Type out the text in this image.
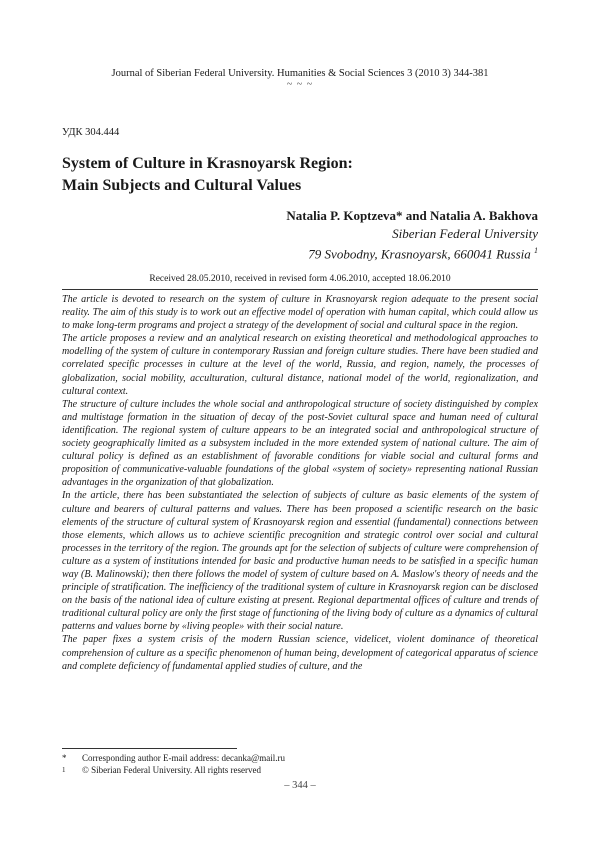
Journal of Siberian Federal University. Humanities & Social Sciences 3 (2010 3) 344-381
~ ~ ~
УДК 304.444
System of Culture in Krasnoyarsk Region:
Main Subjects and Cultural Values
Natalia P. Koptzeva* and Natalia A. Bakhova
Siberian Federal University
79 Svobodny, Krasnoyarsk, 660041 Russia $^1$
Received 28.05.2010, received in revised form 4.06.2010, accepted 18.06.2010

The article is devoted to research on the system of culture in Krasnoyarsk region adequate to the present social reality. The aim of this study is to work out an effective model of operation with human capital, which could allow us to make long-term programs and project a strategy of the development of social and cultural space in the region.

The article proposes a review and an analytical research on existing theoretical and methodological approaches to modelling of the system of culture in contemporary Russian and foreign culture studies. There have been studied and correlated specific processes in culture at the level of the world, Russia, and region, namely, the processes of globalization, social mobility, acculturation, cultural distance, national model of the world, regionalization, and cultural context.

The structure of culture includes the whole social and anthropological structure of society distinguished by complex and multistage formation in the situation of decay of the post-Soviet cultural space and human need of cultural identification. The regional system of culture appears to be an integrated social and anthropological structure of society geographically limited as a subsystem included in the more extended system of national culture. The aim of cultural policy is defined as an establishment of favorable conditions for viable social and cultural forms and proposition of communicative-valuable foundations of the global «system of society» representing national Russian advantages in the organization of that globalization.

In the article, there has been substantiated the selection of subjects of culture as basic elements of the system of culture and bearers of cultural patterns and values. There has been proposed a scientific research on the basic elements of the structure of cultural system of Krasnoyarsk region and essential (fundamental) connections between those elements, which allows us to achieve scientific precognition and strategic control over social and cultural processes in the territory of the region. The grounds apt for the selection of subjects of culture were comprehension of culture as a system of institutions intended for basic and productive human needs to be satisfied in a specific human way (B. Malinowski); then there follows the model of system of culture based on A. Maslow's theory of needs and the principle of stratification. The inefficiency of the traditional system of culture in Krasnoyarsk region can be disclosed on the basis of the national idea of culture existing at present. Regional departmental offices of culture and trends of traditional cultural policy are only the first stage of functioning of the living body of culture as a dynamics of cultural patterns and values borne by «living people» with their social nature.

The paper fixes a system crisis of the modern Russian science, videlicet, violent dominance of theoretical comprehension of culture as a specific phenomenon of human being, development of categorical apparatus of science and complete deficiency of fundamental applied studies of culture, and the

*	Corresponding author E-mail address: decanka@mail.ru
1	© Siberian Federal University. All rights reserved
– 344 –
